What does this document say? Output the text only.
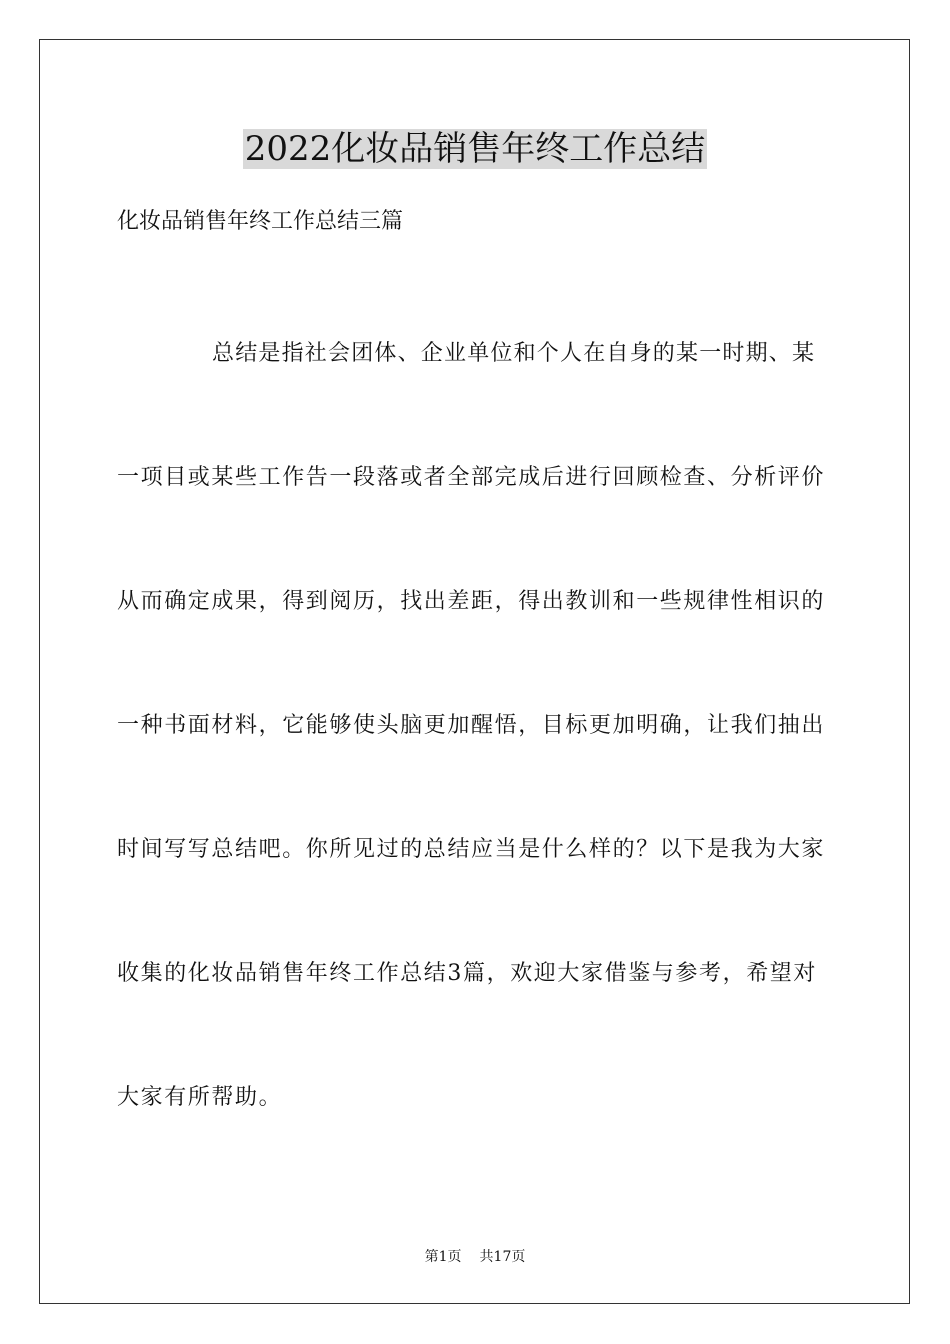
2022化妆品销售年终工作总结

化妆品销售年终工作总结三篇

总结是指社会团体、企业单位和个人在自身的某一时期、某

一项目或某些工作告一段落或者全部完成后进行回顾检查、分析评价

从而确定成果，得到阅历，找出差距，得出教训和一些规律性相识的

一种书面材料，它能够使头脑更加醒悟，目标更加明确，让我们抽出

时间写写总结吧。你所见过的总结应当是什么样的？以下是我为大家

收集的化妆品销售年终工作总结3篇，欢迎大家借鉴与参考，希望对

大家有所帮助。

第1页 共17页
